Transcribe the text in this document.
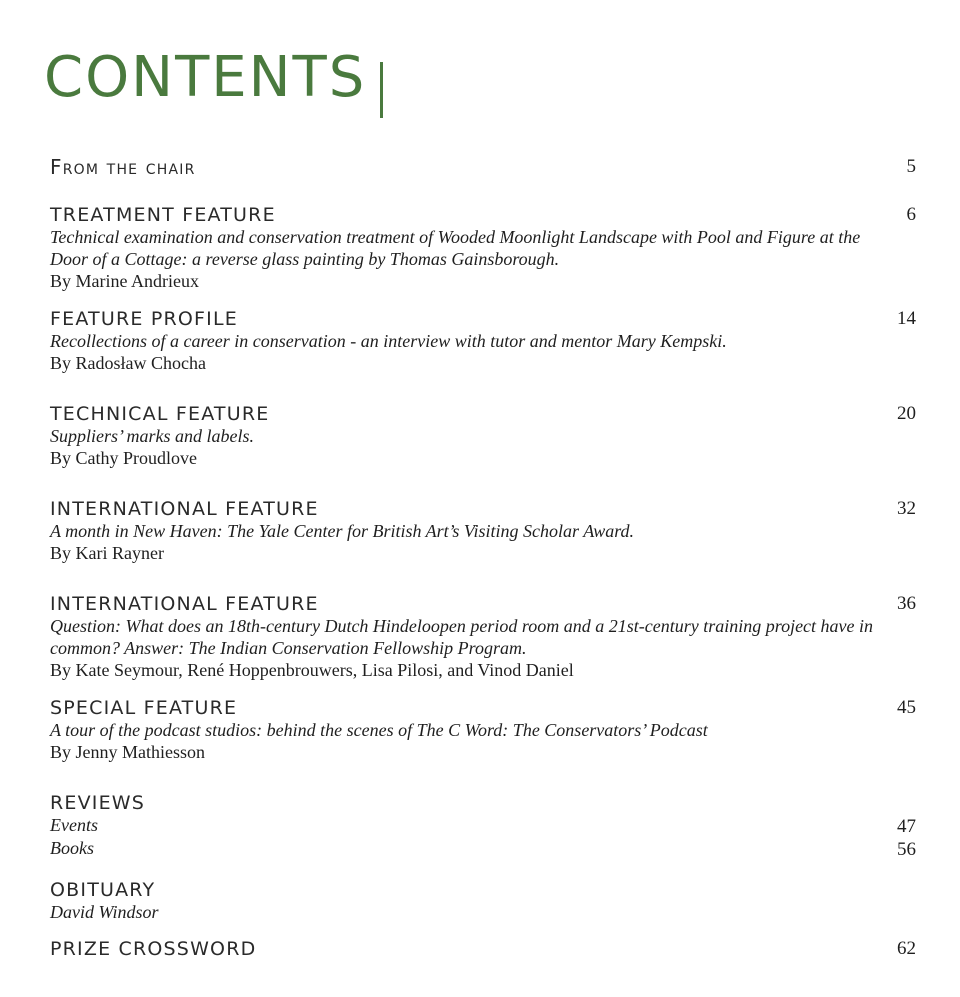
CONTENTS
From the chair	5
TREATMENT FEATURE	6
Technical examination and conservation treatment of Wooded Moonlight Landscape with Pool and Figure at the Door of a Cottage: a reverse glass painting by Thomas Gainsborough.
By Marine Andrieux
FEATURE PROFILE	14
Recollections of a career in conservation - an interview with tutor and mentor Mary Kempski.
By Radosław Chocha
TECHNICAL FEATURE	20
Suppliers’ marks and labels.
By Cathy Proudlove
INTERNATIONAL FEATURE	32
A month in New Haven: The Yale Center for British Art’s Visiting Scholar Award.
By Kari Rayner
INTERNATIONAL FEATURE	36
Question: What does an 18th-century Dutch Hindeloopen period room and a 21st-century training project have in common? Answer: The Indian Conservation Fellowship Program.
By Kate Seymour, René Hoppenbrouwers, Lisa Pilosi, and Vinod Daniel
SPECIAL FEATURE	45
A tour of the podcast studios: behind the scenes of The C Word: The Conservators’ Podcast
By Jenny Mathiesson
REVIEWS
Events	47
Books	56
OBITUARY
David Windsor
PRIZE CROSSWORD	62
